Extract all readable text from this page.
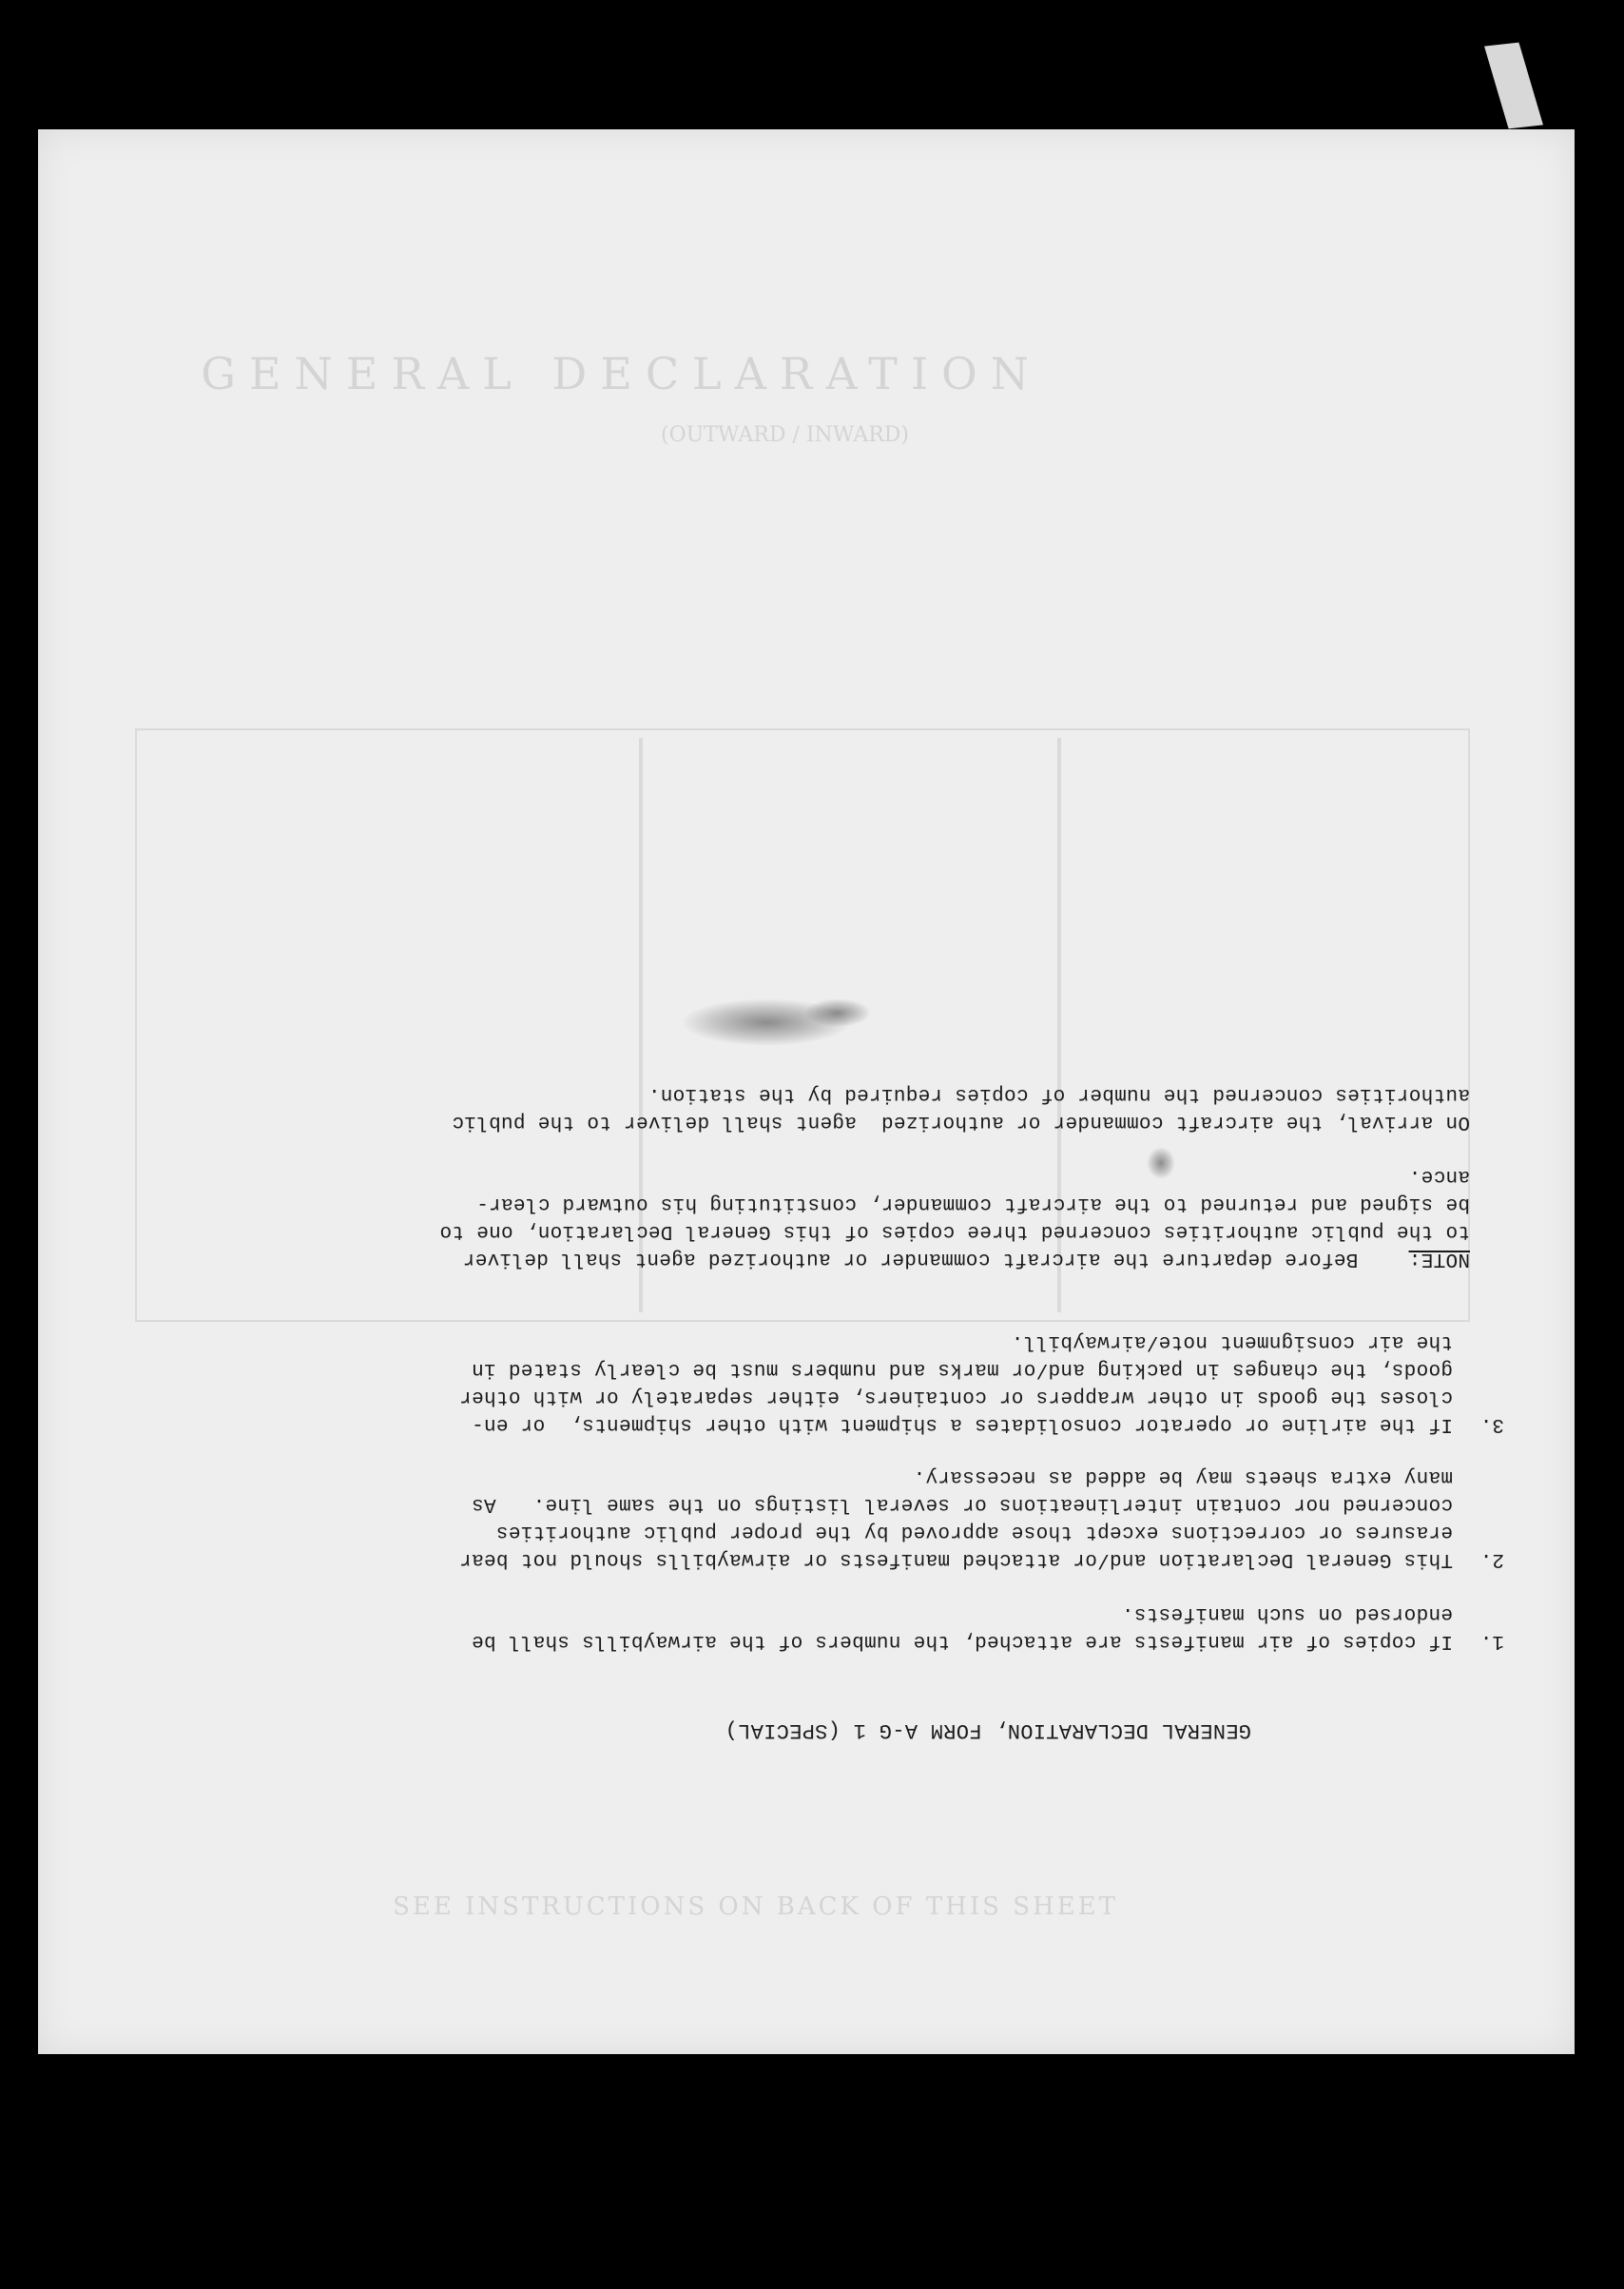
GENERAL DECLARATION
(OUTWARD / INWARD)
SEE INSTRUCTIONS ON BACK OF THIS SHEET
GENERAL DECLARATION, FORM A-G 1 (SPECIAL)
1.
If copies of air manifests are attached, the numbers of the airwaybills shall be
endorsed on such manifests.
2.
This General Declaration and/or attached manifests or airwaybills should not bear
erasures or corrections except those approved by the proper public authorities
concerned nor contain interlineations or several listings on the same line.   As
many extra sheets may be added as necessary.
3.
If the airline or operator consolidates a shipment with other shipments,  or en-
closes the goods in other wrappers or containers, either separately or with other
goods, the changes in packing and/or marks and numbers must be clearly stated in
the air consignment note/airwaybill.
NOTE:
Before departure the aircraft commander or authorized agent shall deliver
to the public authorities concerned three copies of this General Declaration, one to
be signed and returned to the aircraft commander, constituting his outward clear-
ance.
On arrival, the aircraft commander or authorized  agent shall deliver to the public
authorities concerned the number of copies required by the station.
